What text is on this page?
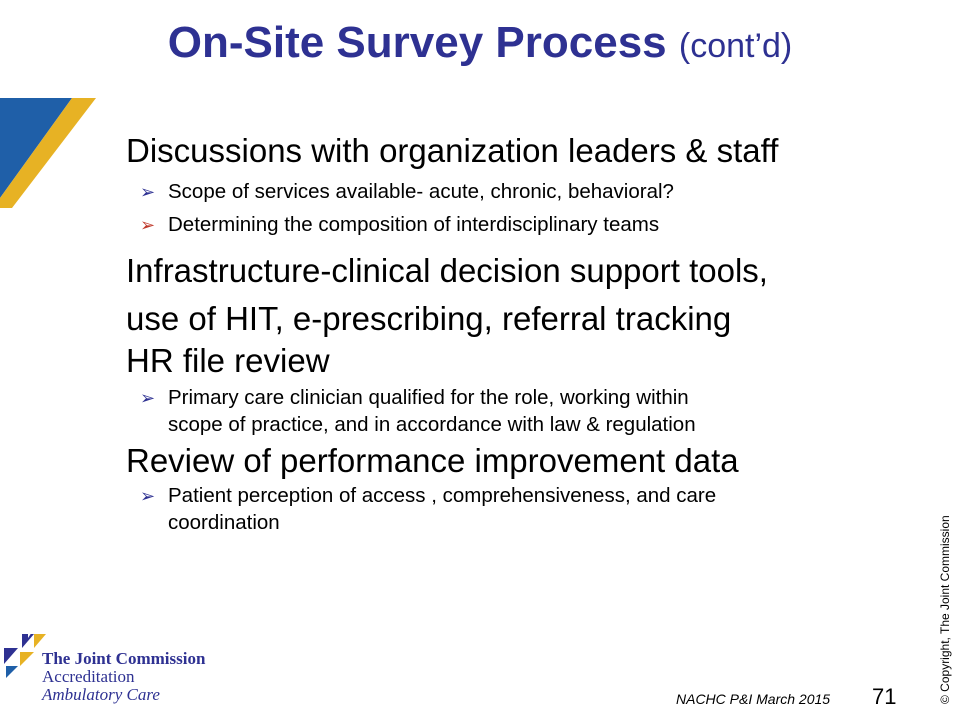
On-Site Survey Process (cont’d)
Discussions with organization leaders & staff
➢ Scope of services available- acute, chronic, behavioral?
➢ Determining the composition of interdisciplinary teams
Infrastructure-clinical decision support tools,
use of HIT, e-prescribing, referral tracking
HR file review
➢ Primary care clinician qualified for the role, working within
scope of practice, and in accordance with law & regulation
Review of performance improvement data
➢ Patient perception of access , comprehensiveness, and care
coordination
The Joint Commission
Accreditation
Ambulatory Care	NACHC P&I March 2015 71	© Copyright, The Joint Commission
